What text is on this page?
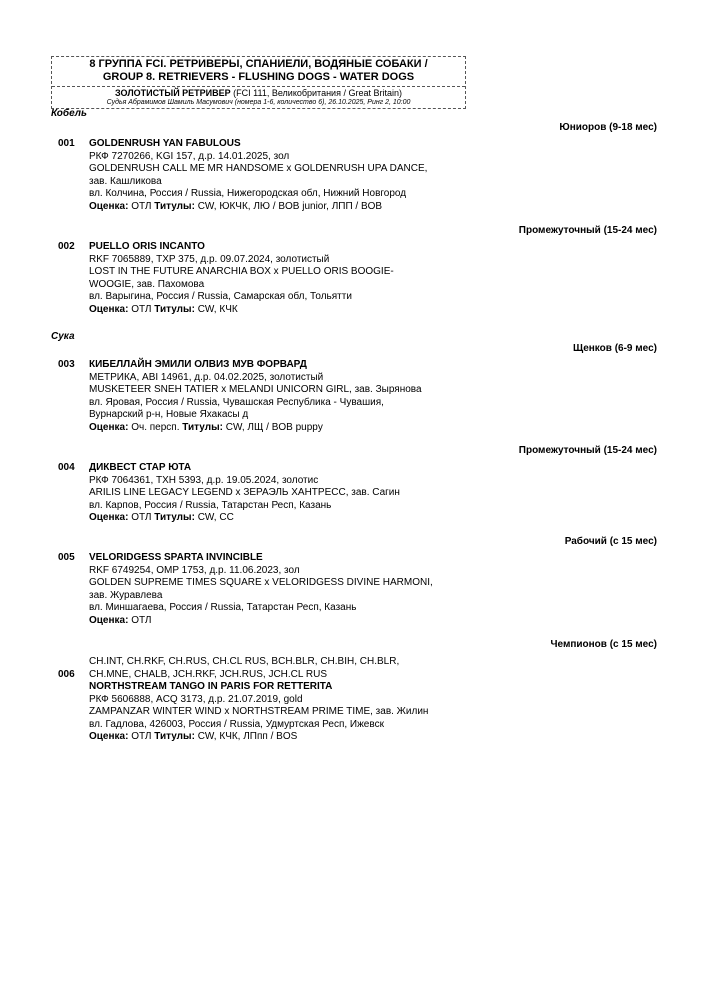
8 ГРУППА FCI. РЕТРИВЕРЫ, СПАНИЕЛИ, ВОДЯНЫЕ СОБАКИ /
GROUP 8. RETRIEVERS - FLUSHING DOGS - WATER DOGS
ЗОЛОТИСТЫЙ РЕТРИВЕР (FCI 111, Великобритания / Great Britain)
Судья Абрамимов Шамиль Масумович (номера 1-6, количество 6), 26.10.2025, Ринг 2, 10:00
Кобель
Юниоров (9-18 мес)
001 GOLDENRUSH YAN FABULOUS
РКФ 7270266, KGI 157, д.р. 14.01.2025, зол
GOLDENRUSH CALL ME MR HANDSOME x GOLDENRUSH UPA DANCE,
зав. Кашликова
вл. Колчина, Россия / Russia, Нижегородская обл, Нижний Новгород
Оценка: ОТЛ Титулы: CW, ЮКЧК, ЛЮ / BOB junior, ЛПП / BOB
Промежуточный (15-24 мес)
002 PUELLO ORIS INCANTO
RKF 7065889, TXP 375, д.р. 09.07.2024, золотистый
LOST IN THE FUTURE ANARCHIA BOX x PUELLO ORIS BOOGIE-
WOOGIE, зав. Пахомова
вл. Варыгина, Россия / Russia, Самарская обл, Тольятти
Оценка: ОТЛ Титулы: CW, КЧК
Сука
Щенков (6-9 мес)
003 КИБЕЛЛАЙН ЭМИЛИ ОЛВИЗ МУВ ФОРВАРД
МЕТРИКА, ABI 14961, д.р. 04.02.2025, золотистый
MUSKETEER SNEH TATIER x MELANDI UNICORN GIRL, зав. Зырянова
вл. Яровая, Россия / Russia, Чувашская Республика - Чувашия,
Вурнарский р-н, Новые Яхакасы д
Оценка: Оч. персп. Титулы: CW, ЛЩ / BOB puppy
Промежуточный (15-24 мес)
004 ДИКВЕСТ СТАР ЮТА
РКФ 7064361, TXH 5393, д.р. 19.05.2024, золотис
ARILIS LINE LEGACY LEGEND x ЗЕРАЭЛЬ ХАНТРЕСС, зав. Сагин
вл. Карпов, Россия / Russia, Татарстан Респ, Казань
Оценка: ОТЛ Титулы: CW, CC
Рабочий (с 15 мес)
005 VELORIDGESS SPARTA INVINCIBLE
RKF 6749254, OMP 1753, д.р. 11.06.2023, зол
GOLDEN SUPREME TIMES SQUARE x VELORIDGESS DIVINE HARMONI,
зав. Журавлева
вл. Миншагаева, Россия / Russia, Татарстан Респ, Казань
Оценка: ОТЛ
Чемпионов (с 15 мес)
CH.INT, CH.RKF, CH.RUS, CH.CL RUS, BCH.BLR, CH.BIH, CH.BLR,
CH.MNE, CHALB, JCH.RKF, JCH.RUS, JCH.CL RUS
006
NORTHSTREAM TANGO IN PARIS FOR RETTERITA
РКФ 5606888, ACQ 3173, д.р. 21.07.2019, gold
ZAMPANZAR WINTER WIND x NORTHSTREAM PRIME TIME, зав. Жилин
вл. Гадлова, 426003, Россия / Russia, Удмуртская Респ, Ижевск
Оценка: ОТЛ Титулы: CW, КЧК, ЛПпп / BOS
